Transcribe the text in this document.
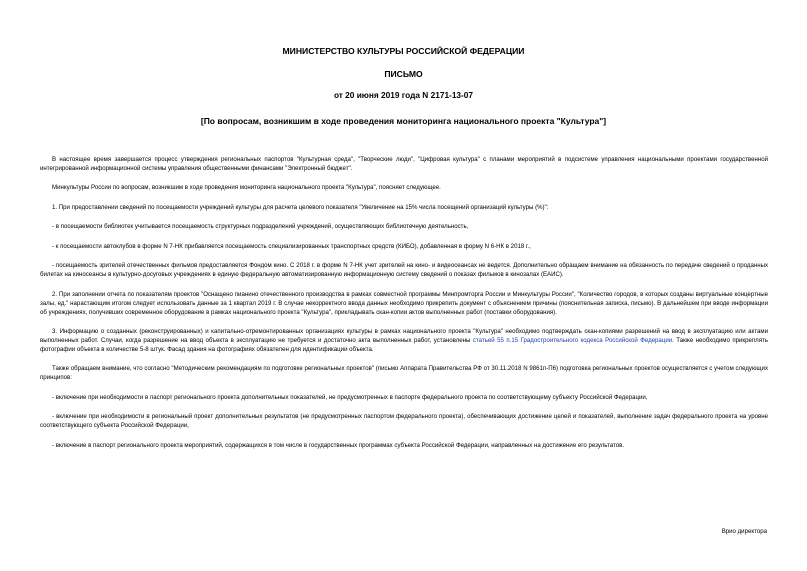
МИНИСТЕРСТВО КУЛЬТУРЫ РОССИЙСКОЙ ФЕДЕРАЦИИ
ПИСЬМО
от 20 июня 2019 года N 2171-13-07
[По вопросам, возникшим в ходе проведения мониторинга национального проекта "Культура"]

В настоящее время завершается процесс утверждения региональных паспортов "Культурная среда", "Творческие люди", "Цифровая культура" с планами мероприятий в подсистеме управления национальными проектами государственной интегрированной информационной системы управления общественными финансами "Электронный бюджет".

Минкультуры России по вопросам, возникшим в ходе проведения мониторинга национального проекта "Культура", поясняет следующее.

1. При предоставлении сведений по посещаемости учреждений культуры для расчета целевого показателя "Увеличение на 15% числа посещений организаций культуры (%)":

- в посещаемости библиотек учитывается посещаемость структурных подразделений учреждений, осуществляющих библиотечную деятельность,

- к посещаемости автоклубов в форме N 7-НК прибавляется посещаемость специализированных транспортных средств (КИБО), добавленная в форму N 6-НК в 2018 г.,

- посещаемость зрителей отечественных фильмов предоставляется Фондом кино. С 2018 г. в форме N 7-НК учет зрителей на кино- и видеосеансах не ведется. Дополнительно обращаем внимание на обязанность по передаче сведений о проданных билетах на киносеансы в культурно-досуговых учреждениях в единую федеральную автоматизированную информационную систему сведений о показах фильмов в кинозалах (ЕАИС).

2. При заполнении отчета по показателям проектов "Оснащено пианино отечественного производства в рамках совместной программы Минпромторга России и Минкультуры России", "Количество городов, в которых созданы виртуальные концертные залы, ед." нарастающим итогом следует использовать данные за 1 квартал 2019 г. В случае некорректного ввода данных необходимо прикрепить документ с объяснением причины (пояснительная записка, письмо). В дальнейшем при вводе информации об учреждениях, получивших современное оборудование в рамках национального проекта "Культура", прикладывать скан-копии актов выполненных работ (поставки оборудования).

3. Информацию о созданных (реконструированных) и капитально-отремонтированных организациях культуры в рамках национального проекта "Культура" необходимо подтверждать скан-копиями разрешений на ввод в эксплуатацию или актами выполненных работ. Случаи, когда разрешение на ввод объекта в эксплуатацию не требуется и достаточно акта выполненных работ, установлены статьей 55 п.15 Градостроительного кодекса Российской Федерации. Также необходимо прикреплять фотографии объекта в количестве 5-8 штук. Фасад здания на фотографиях обязателен для идентификации объекта.

Также обращаем внимание, что согласно "Методическим рекомендациям по подготовке региональных проектов" (письмо Аппарата Правительства РФ от 30.11.2018 N 9861п-П6) подготовка региональных проектов осуществляется с учетом следующих принципов:

- включение при необходимости в паспорт регионального проекта дополнительных показателей, не предусмотренных в паспорте федерального проекта по соответствующему субъекту Российской Федерации,

- включение при необходимости в региональный проект дополнительных результатов (не предусмотренных паспортом федерального проекта), обеспечивающих достижение целей и показателей, выполнение задач федерального проекта на уровне соответствующего субъекта Российской Федерации,

- включение в паспорт регионального проекта мероприятий, содержащихся в том числе в государственных программах субъекта Российской Федерации, направленных на достижение его результатов.

Врио директора
